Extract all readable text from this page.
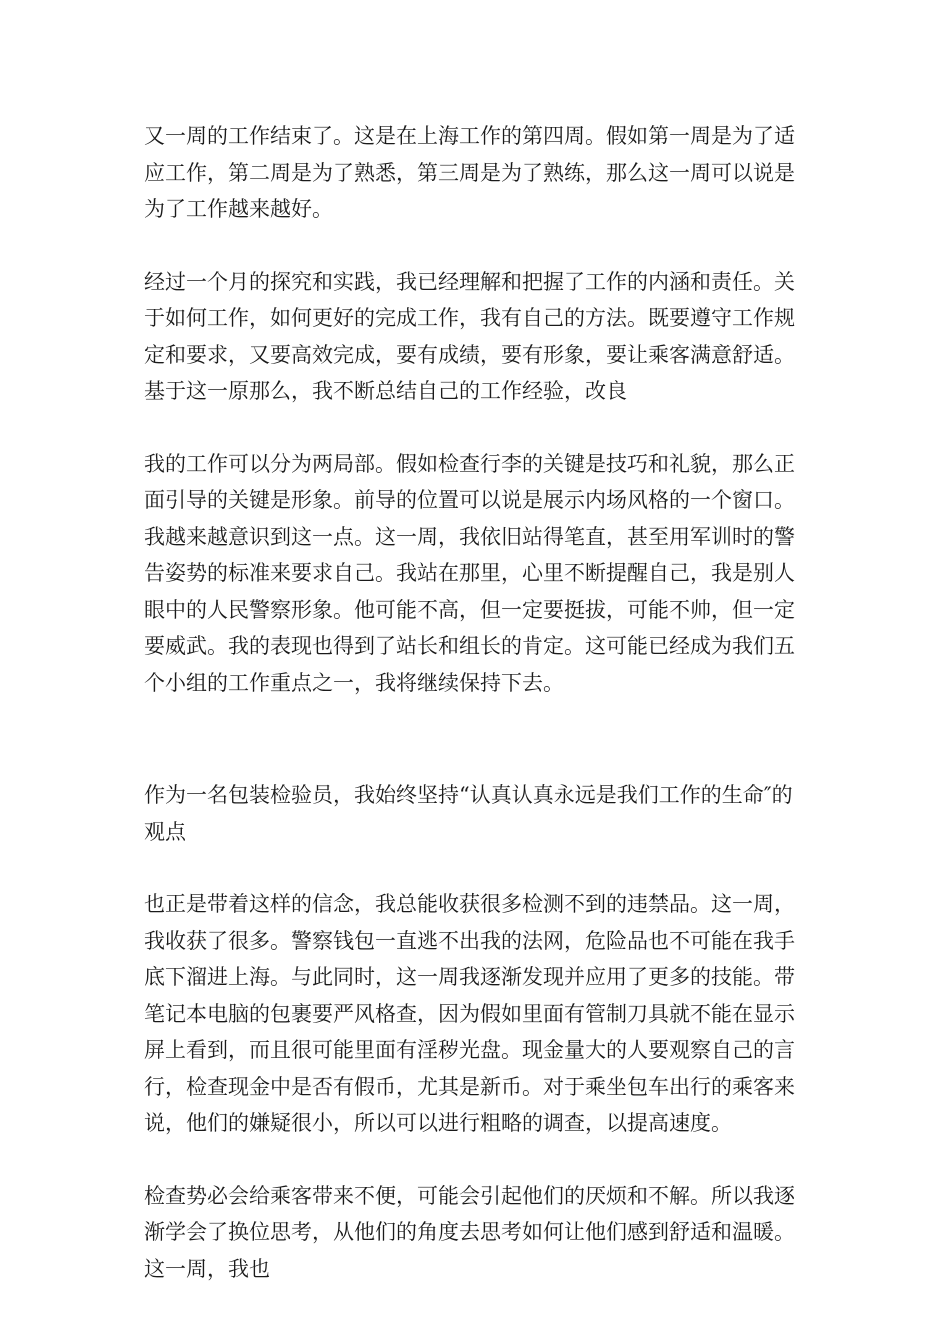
又一周的工作结束了。这是在上海工作的第四周。假如第一周是为了适应工作，第二周是为了熟悉，第三周是为了熟练，那么这一周可以说是为了工作越来越好。

经过一个月的探究和实践，我已经理解和把握了工作的内涵和责任。关于如何工作，如何更好的完成工作，我有自己的方法。既要遵守工作规定和要求，又要高效完成，要有成绩，要有形象，要让乘客满意舒适。基于这一原那么，我不断总结自己的工作经验，改良

我的工作可以分为两局部。假如检查行李的关键是技巧和礼貌，那么正面引导的关键是形象。前导的位置可以说是展示内场风格的一个窗口。我越来越意识到这一点。这一周，我依旧站得笔直，甚至用军训时的警告姿势的标准来要求自己。我站在那里，心里不断提醒自己，我是别人眼中的人民警察形象。他可能不高，但一定要挺拔，可能不帅，但一定要威武。我的表现也得到了站长和组长的肯定。这可能已经成为我们五个小组的工作重点之一，我将继续保持下去。

作为一名包装检验员，我始终坚持“认真认真永远是我们工作的生命″的观点

也正是带着这样的信念，我总能收获很多检测不到的违禁品。这一周，我收获了很多。警察钱包一直逃不出我的法网，危险品也不可能在我手底下溜进上海。与此同时，这一周我逐渐发现并应用了更多的技能。带笔记本电脑的包裹要严风格查，因为假如里面有管制刀具就不能在显示屏上看到，而且很可能里面有淫秽光盘。现金量大的人要观察自己的言行，检查现金中是否有假币，尤其是新币。对于乘坐包车出行的乘客来说，他们的嫌疑很小，所以可以进行粗略的调查，以提高速度。

检查势必会给乘客带来不便，可能会引起他们的厌烦和不解。所以我逐渐学会了换位思考，从他们的角度去思考如何让他们感到舒适和温暖。这一周，我也
